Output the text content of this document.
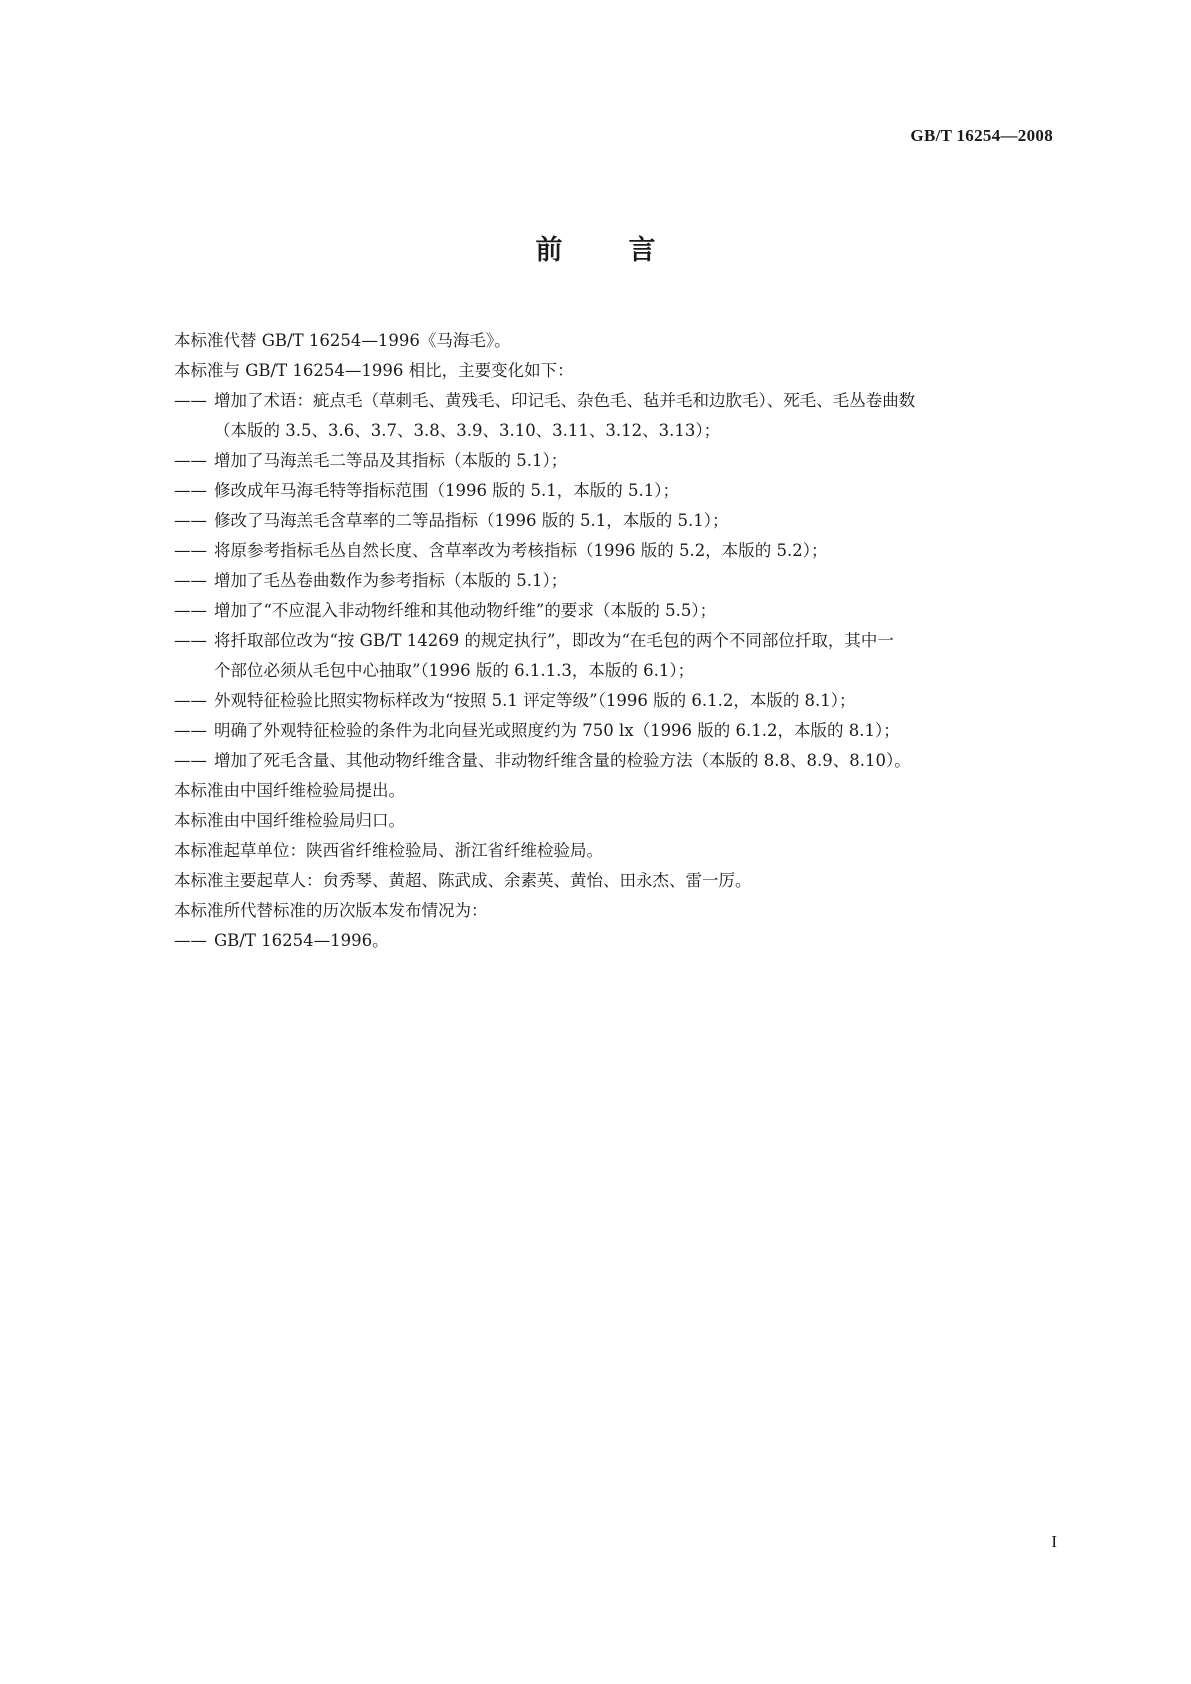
GB/T 16254—2008
前 言
本标准代替 GB/T 16254—1996《马海毛》。
本标准与 GB/T 16254—1996 相比，主要变化如下：
—— 增加了术语：疵点毛（草刺毛、黄残毛、印记毛、杂色毛、毡并毛和边肷毛）、死毛、毛丛卷曲数
（本版的 3.5、3.6、3.7、3.8、3.9、3.10、3.11、3.12、3.13）；
—— 增加了马海羔毛二等品及其指标（本版的 5.1）；
—— 修改成年马海毛特等指标范围（1996 版的 5.1，本版的 5.1）；
—— 修改了马海羔毛含草率的二等品指标（1996 版的 5.1，本版的 5.1）；
—— 将原参考指标毛丛自然长度、含草率改为考核指标（1996 版的 5.2，本版的 5.2）；
—— 增加了毛丛卷曲数作为参考指标（本版的 5.1）；
—— 增加了“不应混入非动物纤维和其他动物纤维”的要求（本版的 5.5）；
—— 将扦取部位改为“按 GB/T 14269 的规定执行”，即改为“在毛包的两个不同部位扦取，其中一
个部位必须从毛包中心抽取”（1996 版的 6.1.1.3，本版的 6.1）；
—— 外观特征检验比照实物标样改为“按照 5.1 评定等级”（1996 版的 6.1.2，本版的 8.1）；
—— 明确了外观特征检验的条件为北向昼光或照度约为 750 lx（1996 版的 6.1.2，本版的 8.1）；
—— 增加了死毛含量、其他动物纤维含量、非动物纤维含量的检验方法（本版的 8.8、8.9、8.10）。
本标准由中国纤维检验局提出。
本标准由中国纤维检验局归口。
本标准起草单位：陕西省纤维检验局、浙江省纤维检验局。
本标准主要起草人：贠秀琴、黄超、陈武成、余素英、黄怡、田永杰、雷一厉。
本标准所代替标准的历次版本发布情况为：
—— GB/T 16254—1996。
I
